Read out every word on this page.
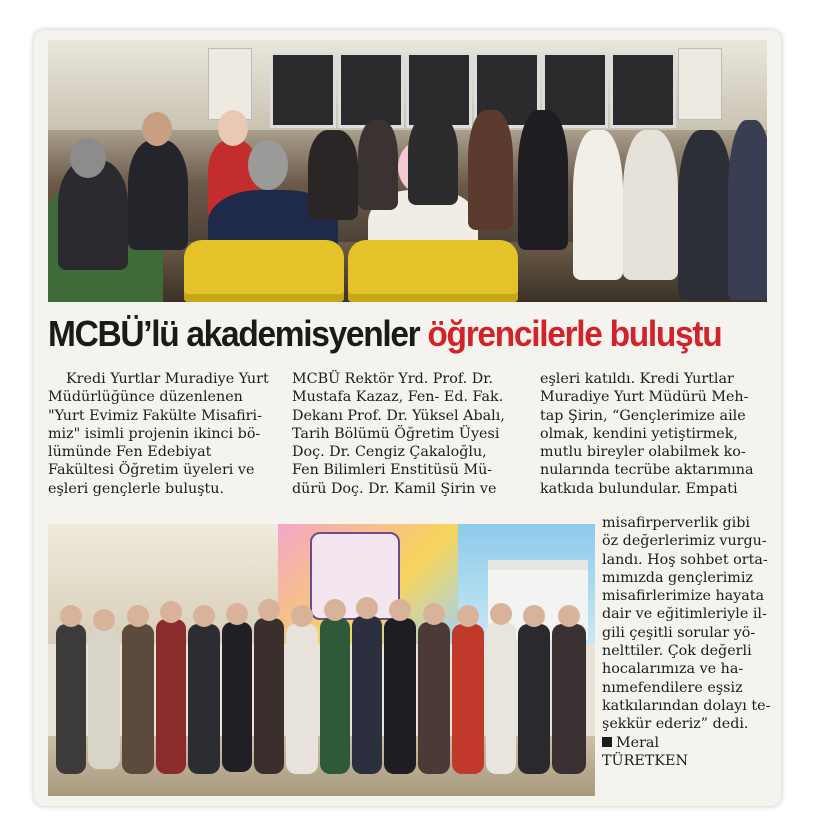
MCBÜ’lü akademisyenler öğrencilerle buluştu

Kredi Yurtlar Muradiye Yurt

Müdürlüğünce düzenlenen

"Yurt Evimiz Fakülte Misafiri-

miz" isimli projenin ikinci bö-

lümünde Fen Edebiyat

Fakültesi Öğretim üyeleri ve

eşleri gençlerle buluştu.

MCBÜ Rektör Yrd. Prof. Dr.

Mustafa Kazaz, Fen- Ed. Fak.

Dekanı Prof. Dr. Yüksel Abalı,

Tarih Bölümü Öğretim Üyesi

Doç. Dr. Cengiz Çakaloğlu,

Fen Bilimleri Enstitüsü Mü-

dürü Doç. Dr. Kamil Şirin ve

eşleri katıldı. Kredi Yurtlar

Muradiye Yurt Müdürü Meh-

tap Şirin, “Gençlerimize aile

olmak, kendini yetiştirmek,

mutlu bireyler olabilmek ko-

nularında tecrübe aktarımına

katkıda bulundular. Empati

misafirperverlik gibi

öz değerlerimiz vurgu-

landı. Hoş sohbet orta-

mımızda gençlerimiz

misafirlerimize hayata

dair ve eğitimleriyle il-

gili çeşitli sorular yö-

nelttiler. Çok değerli

hocalarımıza ve ha-

nımefendilere eşsiz

katkılarından dolayı te-

şekkür ederiz” dedi.

Meral

TÜRETKEN
